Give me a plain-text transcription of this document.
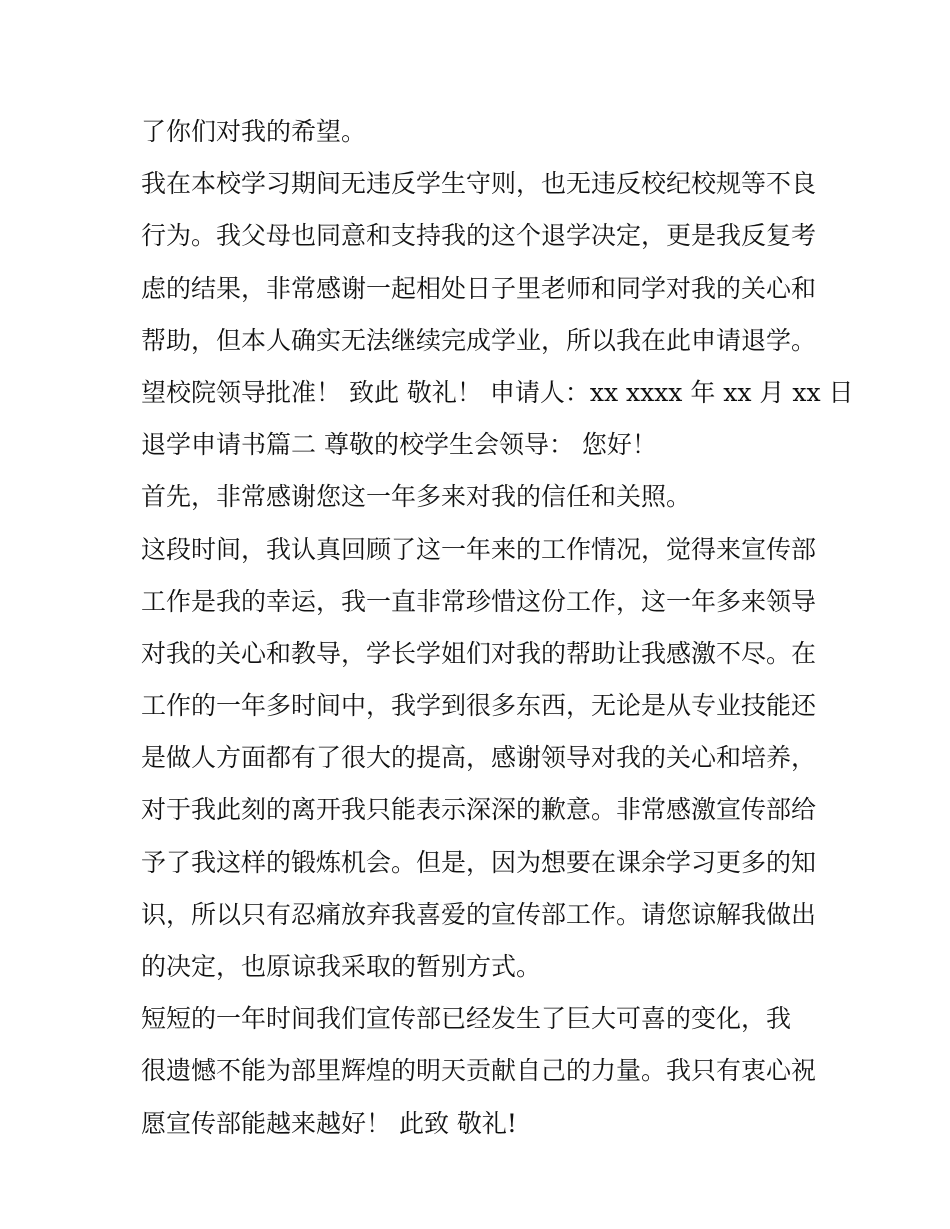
了你们对我的希望。
我在本校学习期间无违反学生守则，也无违反校纪校规等不良
行为。我父母也同意和支持我的这个退学决定，更是我反复考
虑的结果，非常感谢一起相处日子里老师和同学对我的关心和
帮助，但本人确实无法继续完成学业，所以我在此申请退学。
望校院领导批准！ 致此 敬礼！ 申请人：xx xxxx 年 xx 月 xx 日
退学申请书篇二 尊敬的校学生会领导： 您好！
首先，非常感谢您这一年多来对我的信任和关照。
这段时间，我认真回顾了这一年来的工作情况，觉得来宣传部
工作是我的幸运，我一直非常珍惜这份工作，这一年多来领导
对我的关心和教导，学长学姐们对我的帮助让我感激不尽。在
工作的一年多时间中，我学到很多东西，无论是从专业技能还
是做人方面都有了很大的提高，感谢领导对我的关心和培养，
对于我此刻的离开我只能表示深深的歉意。非常感激宣传部给
予了我这样的锻炼机会。但是，因为想要在课余学习更多的知
识，所以只有忍痛放弃我喜爱的宣传部工作。请您谅解我做出
的决定，也原谅我采取的暂别方式。
短短的一年时间我们宣传部已经发生了巨大可喜的变化，我
很遗憾不能为部里辉煌的明天贡献自己的力量。我只有衷心祝
愿宣传部能越来越好！ 此致 敬礼!
